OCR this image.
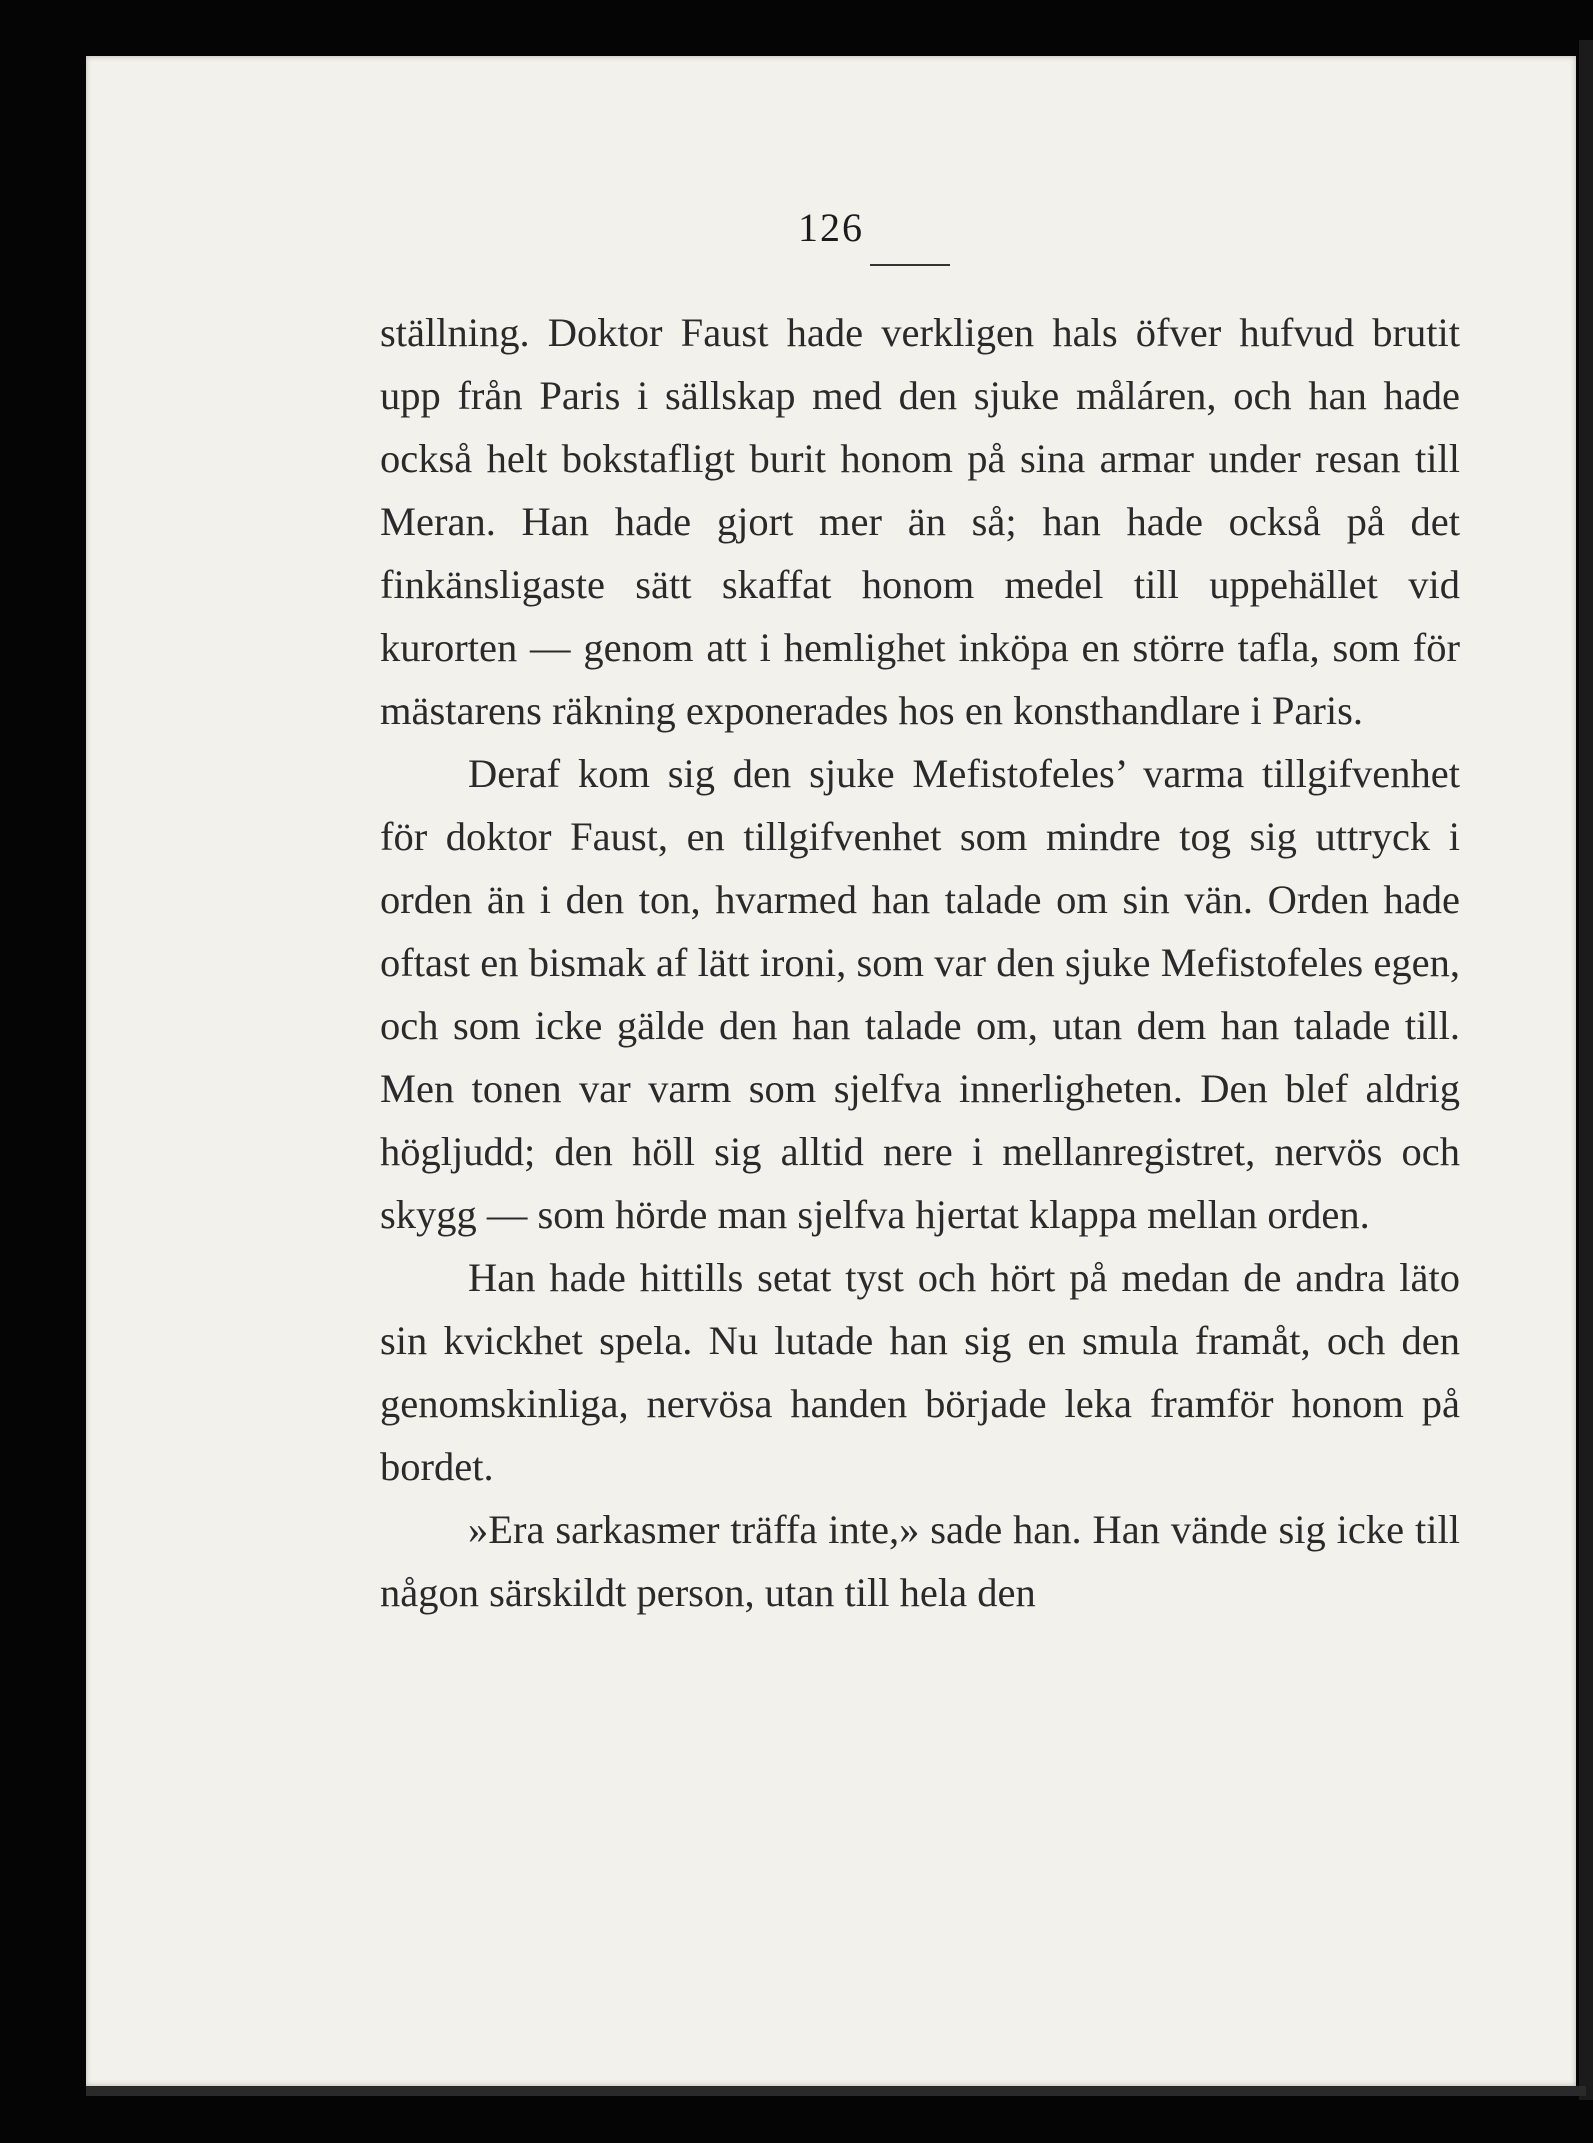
126

ställning. Doktor Faust hade verkligen hals öfver hufvud brutit upp från Paris i sällskap med den sjuke måláren, och han hade också helt bokstafligt burit honom på sina armar under resan till Meran. Han hade gjort mer än så; han hade också på det finkänsligaste sätt skaffat honom medel till uppehället vid kurorten — genom att i hemlighet inköpa en större tafla, som för mästarens räkning exponerades hos en konsthandlare i Paris.

Deraf kom sig den sjuke Mefistofeles’ varma tillgifvenhet för doktor Faust, en tillgifvenhet som mindre tog sig uttryck i orden än i den ton, hvarmed han talade om sin vän. Orden hade oftast en bismak af lätt ironi, som var den sjuke Mefistofeles egen, och som icke gälde den han talade om, utan dem han talade till. Men tonen var varm som sjelfva innerligheten. Den blef aldrig högljudd; den höll sig alltid nere i mellanregistret, nervös och skygg — som hörde man sjelfva hjertat klappa mellan orden.

Han hade hittills setat tyst och hört på medan de andra läto sin kvickhet spela. Nu lutade han sig en smula framåt, och den genomskinliga, nervösa handen började leka framför honom på bordet.

»Era sarkasmer träffa inte,» sade han. Han vände sig icke till någon särskildt person, utan till hela den
